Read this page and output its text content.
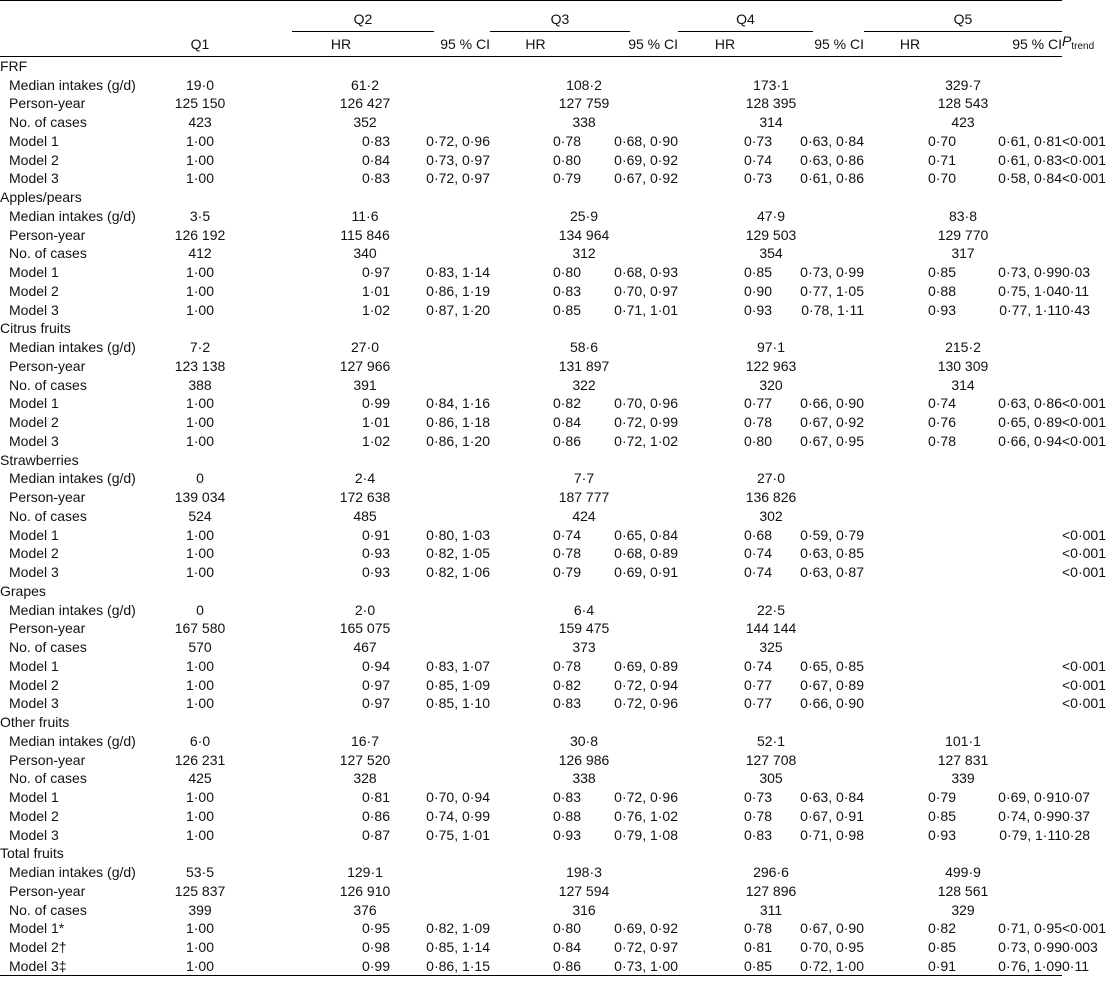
				Q2			Q3			Q4			Q5		
	Q1			HR	95 % CI		HR	95 % CI		HR	95 % CI		HR	95 % CI	$P_{trend}$
FRF															
Median intakes (g/d)	19·0	61·2					108·2			173·1			329·7		
Person-year	125 150	126 427					127 759			128 395			128 543		
No. of cases	423	352					338			314			423		
Model 1	1·00	0·83			0·72, 0·96		0·78	0·68, 0·90		0·73	0·63, 0·84		0·70	0·61, 0·81	<0·001
Model 2	1·00	0·84			0·73, 0·97		0·80	0·69, 0·92		0·74	0·63, 0·86		0·71	0·61, 0·83	<0·001
Model 3	1·00	0·83			0·72, 0·97		0·79	0·67, 0·92		0·73	0·61, 0·86		0·70	0·58, 0·84	<0·001
Apples/pears															
Median intakes (g/d)	3·5	11·6					25·9			47·9			83·8		
Person-year	126 192	115 846					134 964			129 503			129 770		
No. of cases	412	340					312			354			317		
Model 1	1·00	0·97			0·83, 1·14		0·80	0·68, 0·93		0·85	0·73, 0·99		0·85	0·73, 0·99	0·03
Model 2	1·00	1·01			0·86, 1·19		0·83	0·70, 0·97		0·90	0·77, 1·05		0·88	0·75, 1·04	0·11
Model 3	1·00	1·02			0·87, 1·20		0·85	0·71, 1·01		0·93	0·78, 1·11		0·93	0·77, 1·11	0·43
Citrus fruits															
Median intakes (g/d)	7·2	27·0					58·6			97·1			215·2		
Person-year	123 138	127 966					131 897			122 963			130 309		
No. of cases	388	391					322			320			314		
Model 1	1·00	0·99			0·84, 1·16		0·82	0·70, 0·96		0·77	0·66, 0·90		0·74	0·63, 0·86	<0·001
Model 2	1·00	1·01			0·86, 1·18		0·84	0·72, 0·99		0·78	0·67, 0·92		0·76	0·65, 0·89	<0·001
Model 3	1·00	1·02			0·86, 1·20		0·86	0·72, 1·02		0·80	0·67, 0·95		0·78	0·66, 0·94	<0·001
Strawberries															
Median intakes (g/d)	0	2·4					7·7			27·0					
Person-year	139 034	172 638					187 777			136 826					
No. of cases	524	485					424			302					
Model 1	1·00	0·91			0·80, 1·03		0·74	0·65, 0·84		0·68	0·59, 0·79				<0·001
Model 2	1·00	0·93			0·82, 1·05		0·78	0·68, 0·89		0·74	0·63, 0·85				<0·001
Model 3	1·00	0·93			0·82, 1·06		0·79	0·69, 0·91		0·74	0·63, 0·87				<0·001
Grapes															
Median intakes (g/d)	0	2·0					6·4			22·5					
Person-year	167 580	165 075					159 475			144 144					
No. of cases	570	467					373			325					
Model 1	1·00	0·94			0·83, 1·07		0·78	0·69, 0·89		0·74	0·65, 0·85				<0·001
Model 2	1·00	0·97			0·85, 1·09		0·82	0·72, 0·94		0·77	0·67, 0·89				<0·001
Model 3	1·00	0·97			0·85, 1·10		0·83	0·72, 0·96		0·77	0·66, 0·90				<0·001
Other fruits															
Median intakes (g/d)	6·0	16·7					30·8			52·1			101·1		
Person-year	126 231	127 520					126 986			127 708			127 831		
No. of cases	425	328					338			305			339		
Model 1	1·00	0·81			0·70, 0·94		0·83	0·72, 0·96		0·73	0·63, 0·84		0·79	0·69, 0·91	0·07
Model 2	1·00	0·86			0·74, 0·99		0·88	0·76, 1·02		0·78	0·67, 0·91		0·85	0·74, 0·99	0·37
Model 3	1·00	0·87			0·75, 1·01		0·93	0·79, 1·08		0·83	0·71, 0·98		0·93	0·79, 1·11	0·28
Total fruits															
Median intakes (g/d)	53·5	129·1					198·3			296·6			499·9		
Person-year	125 837	126 910					127 594			127 896			128 561		
No. of cases	399	376					316			311			329		
Model 1*	1·00	0·95			0·82, 1·09		0·80	0·69, 0·92		0·78	0·67, 0·90		0·82	0·71, 0·95	<0·001
Model 2†	1·00	0·98			0·85, 1·14		0·84	0·72, 0·97		0·81	0·70, 0·95		0·85	0·73, 0·99	0·003
Model 3‡	1·00	0·99			0·86, 1·15		0·86	0·73, 1·00		0·85	0·72, 1·00		0·91	0·76, 1·09	0·11
